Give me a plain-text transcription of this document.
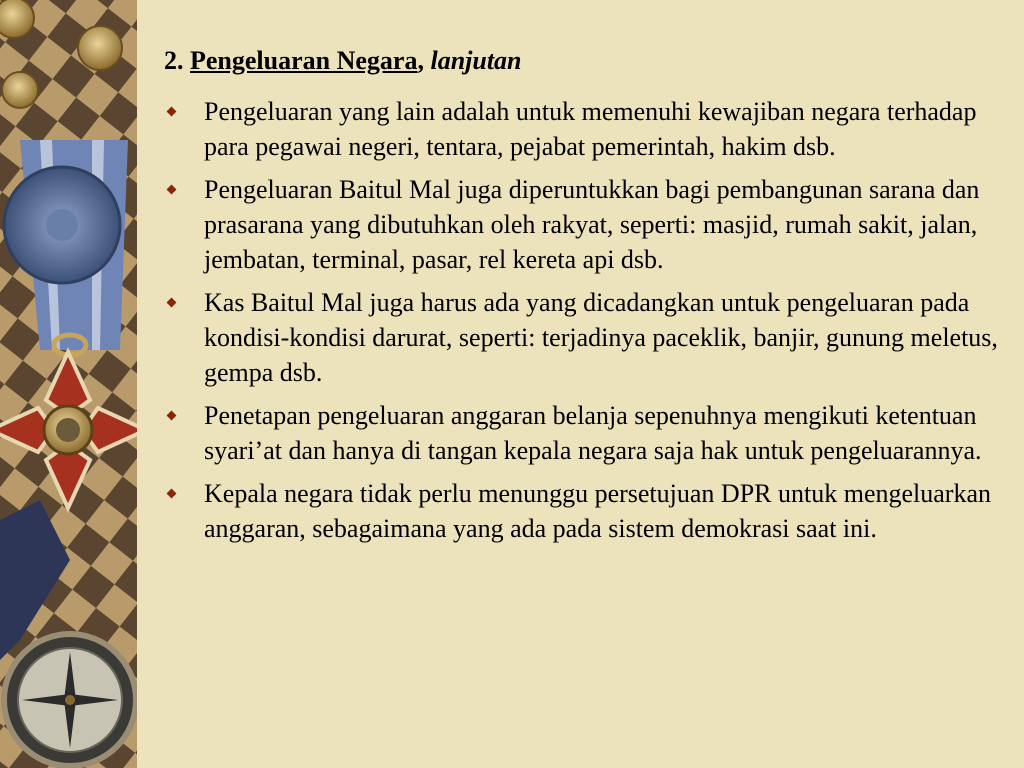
2. Pengeluaran Negara, lanjutan
Pengeluaran yang lain adalah untuk memenuhi kewajiban negara terhadap para pegawai negeri, tentara, pejabat pemerintah, hakim dsb.
Pengeluaran Baitul Mal juga diperuntukkan bagi pembangunan sarana dan prasarana yang dibutuhkan oleh rakyat, seperti: masjid, rumah sakit, jalan, jembatan, terminal, pasar, rel kereta api dsb.
Kas Baitul Mal juga harus ada yang dicadangkan untuk pengeluaran pada kondisi-kondisi darurat, seperti: terjadinya paceklik, banjir, gunung meletus, gempa dsb.
Penetapan pengeluaran anggaran belanja sepenuhnya mengikuti ketentuan syari’at dan hanya di tangan kepala negara saja hak untuk pengeluarannya.
Kepala negara tidak perlu menunggu persetujuan DPR untuk mengeluarkan anggaran, sebagaimana yang ada pada sistem demokrasi saat ini.
